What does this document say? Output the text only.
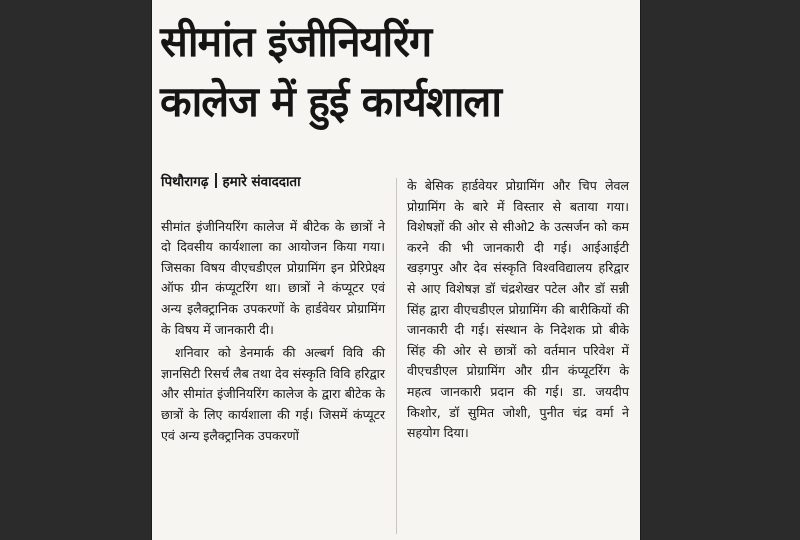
सीमांत इंजीनियरिंग
कालेज में हुई कार्यशाला
पिथौरागढ़ हमारे संवाददाता

सीमांत इंजीनियरिंग कालेज में बीटेक के छात्रों ने दो दिवसीय कार्यशाला का आयोजन किया गया। जिसका विषय वीएचडीएल प्रोग्रामिंग इन प्रेरिप्रेक्ष्य ऑफ ग्रीन कंप्यूटरिंग था। छात्रों ने कंप्यूटर एवं अन्य इलैक्ट्रानिक उपकरणों के हार्डवेयर प्रोग्रामिंग के विषय में जानकारी दी।

शनिवार को डेनमार्क की अल्बर्ग विवि की ज्ञानसिटी रिसर्च लैब तथा देव संस्कृति विवि हरिद्वार और सीमांत इंजीनियरिंग कालेज के द्वारा बीटेक के छात्रों के लिए कार्यशाला की गई। जिसमें कंप्यूटर एवं अन्य इलैक्ट्रानिक उपकरणों

के बेसिक हार्डवेयर प्रोग्रामिंग और चिप लेवल प्रोग्रामिंग के बारे में विस्तार से बताया गया। विशेषज्ञों की ओर से सीओ2 के उत्सर्जन को कम करने की भी जानकारी दी गई। आईआईटी खड़गपुर और देव संस्कृति विश्वविद्यालय हरिद्वार से आए विशेषज्ञ डॉ चंद्रशेखर पटेल और डॉ सन्नी सिंह द्वारा वीएचडीएल प्रोग्रामिंग की बारीकियों की जानकारी दी गई। संस्थान के निदेशक प्रो बीके सिंह की ओर से छात्रों को वर्तमान परिवेश में वीएचडीएल प्रोग्रामिंग और ग्रीन कंप्यूटरिंग के महत्व जानकारी प्रदान की गई। डा. जयदीप किशोर, डॉ सुमित जोशी, पुनीत चंद्र वर्मा ने सहयोग दिया।
